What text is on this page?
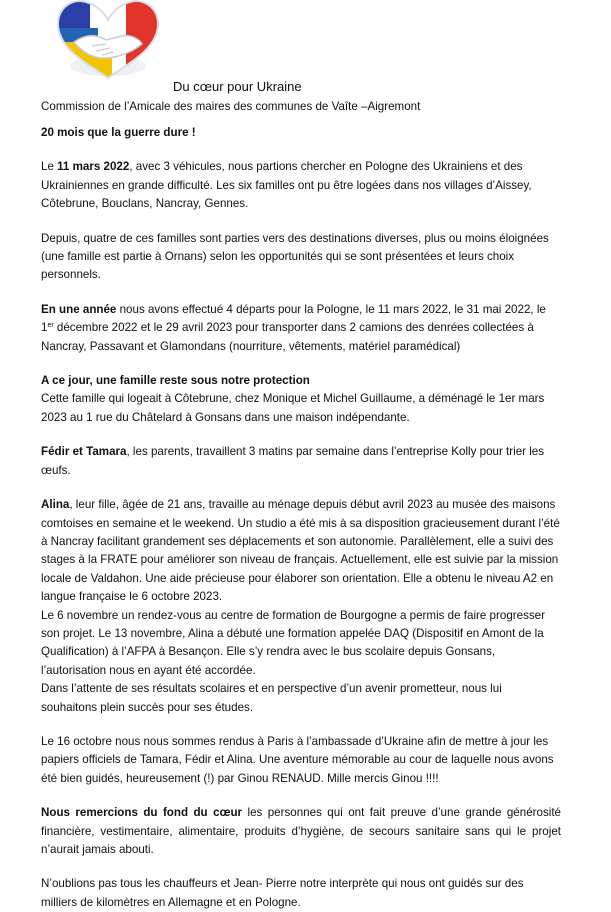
Du cœur pour Ukraine
Commission de l’Amicale des maires des communes de Vaîte –Aigremont

20 mois que la guerre dure !

Le 11 mars 2022, avec 3 véhicules, nous partions chercher en Pologne des Ukrainiens et des Ukrainiennes en grande difficulté. Les six familles ont pu être logées dans nos villages d’Aissey, Côtebrune, Bouclans, Nancray, Gennes.

Depuis, quatre de ces familles sont parties vers des destinations diverses, plus ou moins éloignées (une famille est partie à Ornans) selon les opportunités qui se sont présentées et leurs choix personnels.

En une année nous avons effectué 4 départs pour la Pologne, le 11 mars 2022, le 31 mai 2022, le 1er décembre 2022 et le 29 avril 2023 pour transporter dans 2 camions des denrées collectées à Nancray, Passavant et Glamondans (nourriture, vêtements, matériel paramédical)

A ce jour, une famille reste sous notre protection
Cette famille qui logeait à Côtebrune, chez Monique et Michel Guillaume, a déménagé le 1er mars 2023 au 1 rue du Châtelard à Gonsans dans une maison indépendante.

Fédir et Tamara, les parents, travaillent 3 matins par semaine dans l’entreprise Kolly pour trier les œufs.

Alina, leur fille, âgée de 21 ans, travaille au ménage depuis début avril 2023 au musée des maisons comtoises en semaine et le weekend. Un studio a été mis à sa disposition gracieusement durant l’été à Nancray facilitant grandement ses déplacements et son autonomie. Parallèlement, elle a suivi des stages à la FRATE pour améliorer son niveau de français. Actuellement, elle est suivie par la mission locale de Valdahon. Une aide précieuse pour élaborer son orientation. Elle a obtenu le niveau A2 en langue française le 6 octobre 2023.
Le 6 novembre un rendez-vous au centre de formation de Bourgogne a permis de faire progresser son projet. Le 13 novembre, Alina a débuté une formation appelée DAQ (Dispositif en Amont de la Qualification) à l’AFPA à Besançon. Elle s’y rendra avec le bus scolaire depuis Gonsans, l’autorisation nous en ayant été accordée.
Dans l’attente de ses résultats scolaires et en perspective d’un avenir prometteur, nous lui souhaitons plein succès pour ses études.

Le 16 octobre nous nous sommes rendus à Paris à l’ambassade d’Ukraine afin de mettre à jour les papiers officiels de Tamara, Fédir et Alina. Une aventure mémorable au cour de laquelle nous avons été bien guidés, heureusement (!) par Ginou RENAUD. Mille mercis Ginou !!!!

Nous remercions du fond du cœur les personnes qui ont fait preuve d’une grande générosité financière, vestimentaire, alimentaire, produits d’hygiène, de secours sanitaire sans qui le projet n’aurait jamais abouti.

N’oublions pas tous les chauffeurs et Jean- Pierre notre interprète qui nous ont guidés sur des milliers de kilomètres en Allemagne et en Pologne.
